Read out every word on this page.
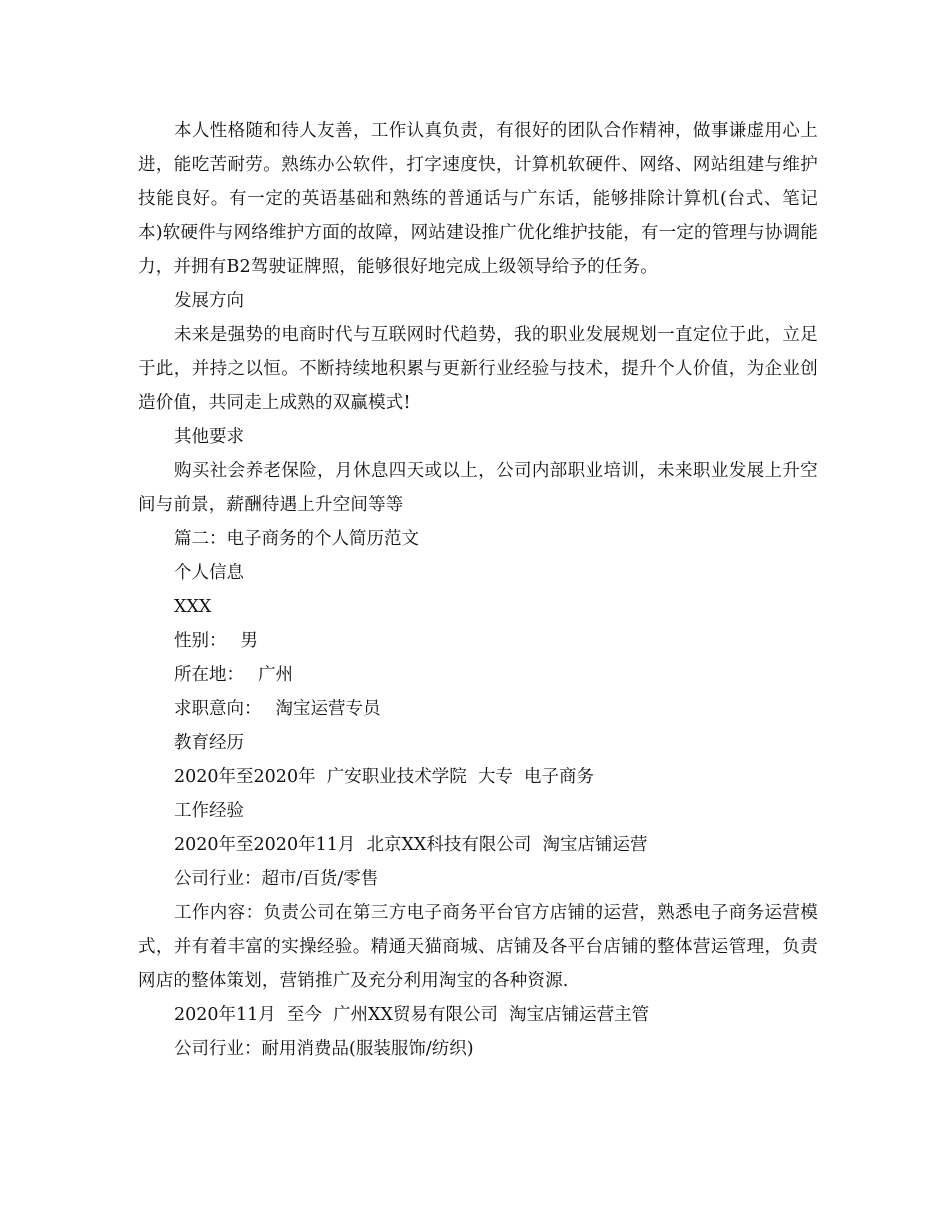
本人性格随和待人友善，工作认真负责，有很好的团队合作精神，做事谦虚用心上进，能吃苦耐劳。熟练办公软件，打字速度快，计算机软硬件、网络、网站组建与维护技能良好。有一定的英语基础和熟练的普通话与广东话，能够排除计算机(台式、笔记本)软硬件与网络维护方面的故障，网站建设推广优化维护技能，有一定的管理与协调能力，并拥有B2驾驶证牌照，能够很好地完成上级领导给予的任务。

发展方向

未来是强势的电商时代与互联网时代趋势，我的职业发展规划一直定位于此，立足于此，并持之以恒。不断持续地积累与更新行业经验与技术，提升个人价值，为企业创造价值，共同走上成熟的双赢模式!

其他要求

购买社会养老保险，月休息四天或以上，公司内部职业培训，未来职业发展上升空间与前景，薪酬待遇上升空间等等

篇二：电子商务的个人简历范文

个人信息

XXX

性别： 男

所在地： 广州

求职意向： 淘宝运营专员

教育经历

2020年至2020年  广安职业技术学院  大专  电子商务

工作经验

2020年至2020年11月  北京XX科技有限公司  淘宝店铺运营

公司行业：超市/百货/零售

工作内容：负责公司在第三方电子商务平台官方店铺的运营，熟悉电子商务运营模式，并有着丰富的实操经验。精通天猫商城、店铺及各平台店铺的整体营运管理，负责网店的整体策划，营销推广及充分利用淘宝的各种资源.

2020年11月  至今  广州XX贸易有限公司  淘宝店铺运营主管

公司行业：耐用消费品(服装服饰/纺织)
